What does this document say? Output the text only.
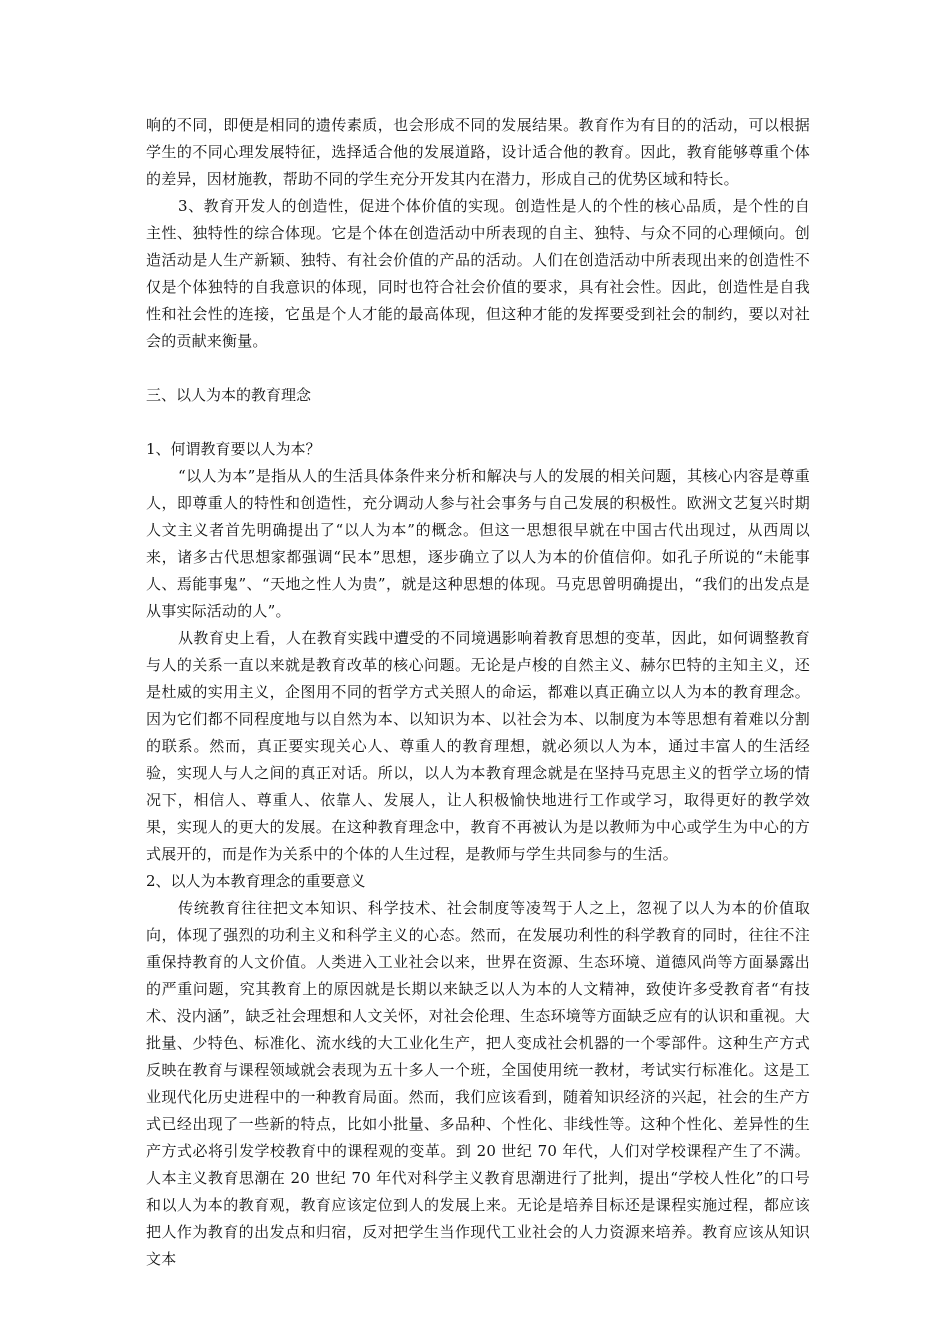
响的不同，即便是相同的遗传素质，也会形成不同的发展结果。教育作为有目的的活动，可以根据学生的不同心理发展特征，选择适合他的发展道路，设计适合他的教育。因此，教育能够尊重个体的差异，因材施教，帮助不同的学生充分开发其内在潜力，形成自己的优势区域和特长。

3、教育开发人的创造性，促进个体价值的实现。创造性是人的个性的核心品质，是个性的自主性、独特性的综合体现。它是个体在创造活动中所表现的自主、独特、与众不同的心理倾向。创造活动是人生产新颖、独特、有社会价值的产品的活动。人们在创造活动中所表现出来的创造性不仅是个体独特的自我意识的体现，同时也符合社会价值的要求，具有社会性。因此，创造性是自我性和社会性的连接，它虽是个人才能的最高体现，但这种才能的发挥要受到社会的制约，要以对社会的贡献来衡量。

三、以人为本的教育理念

1、何谓教育要以人为本？

“以人为本”是指从人的生活具体条件来分析和解决与人的发展的相关问题，其核心内容是尊重人，即尊重人的特性和创造性，充分调动人参与社会事务与自己发展的积极性。欧洲文艺复兴时期人文主义者首先明确提出了“以人为本”的概念。但这一思想很早就在中国古代出现过，从西周以来，诸多古代思想家都强调“民本”思想，逐步确立了以人为本的价值信仰。如孔子所说的“未能事人、焉能事鬼”、“天地之性人为贵”，就是这种思想的体现。马克思曾明确提出，“我们的出发点是从事实际活动的人”。

从教育史上看，人在教育实践中遭受的不同境遇影响着教育思想的变革，因此，如何调整教育与人的关系一直以来就是教育改革的核心问题。无论是卢梭的自然主义、赫尔巴特的主知主义，还是杜威的实用主义，企图用不同的哲学方式关照人的命运，都难以真正确立以人为本的教育理念。因为它们都不同程度地与以自然为本、以知识为本、以社会为本、以制度为本等思想有着难以分割的联系。然而，真正要实现关心人、尊重人的教育理想，就必须以人为本，通过丰富人的生活经验，实现人与人之间的真正对话。所以，以人为本教育理念就是在坚持马克思主义的哲学立场的情况下，相信人、尊重人、依靠人、发展人，让人积极愉快地进行工作或学习，取得更好的教学效果，实现人的更大的发展。在这种教育理念中，教育不再被认为是以教师为中心或学生为中心的方式展开的，而是作为关系中的个体的人生过程，是教师与学生共同参与的生活。

2、以人为本教育理念的重要意义

传统教育往往把文本知识、科学技术、社会制度等凌驾于人之上，忽视了以人为本的价值取向，体现了强烈的功利主义和科学主义的心态。然而，在发展功利性的科学教育的同时，往往不注重保持教育的人文价值。人类进入工业社会以来，世界在资源、生态环境、道德风尚等方面暴露出的严重问题，究其教育上的原因就是长期以来缺乏以人为本的人文精神，致使许多受教育者“有技术、没内涵”，缺乏社会理想和人文关怀，对社会伦理、生态环境等方面缺乏应有的认识和重视。大批量、少特色、标准化、流水线的大工业化生产，把人变成社会机器的一个零部件。这种生产方式反映在教育与课程领域就会表现为五十多人一个班，全国使用统一教材，考试实行标准化。这是工业现代化历史进程中的一种教育局面。然而，我们应该看到，随着知识经济的兴起，社会的生产方式已经出现了一些新的特点，比如小批量、多品种、个性化、非线性等。这种个性化、差异性的生产方式必将引发学校教育中的课程观的变革。到 20 世纪 70 年代，人们对学校课程产生了不满。人本主义教育思潮在 20 世纪 70 年代对科学主义教育思潮进行了批判，提出“学校人性化”的口号和以人为本的教育观，教育应该定位到人的发展上来。无论是培养目标还是课程实施过程，都应该把人作为教育的出发点和归宿，反对把学生当作现代工业社会的人力资源来培养。教育应该从知识文本
